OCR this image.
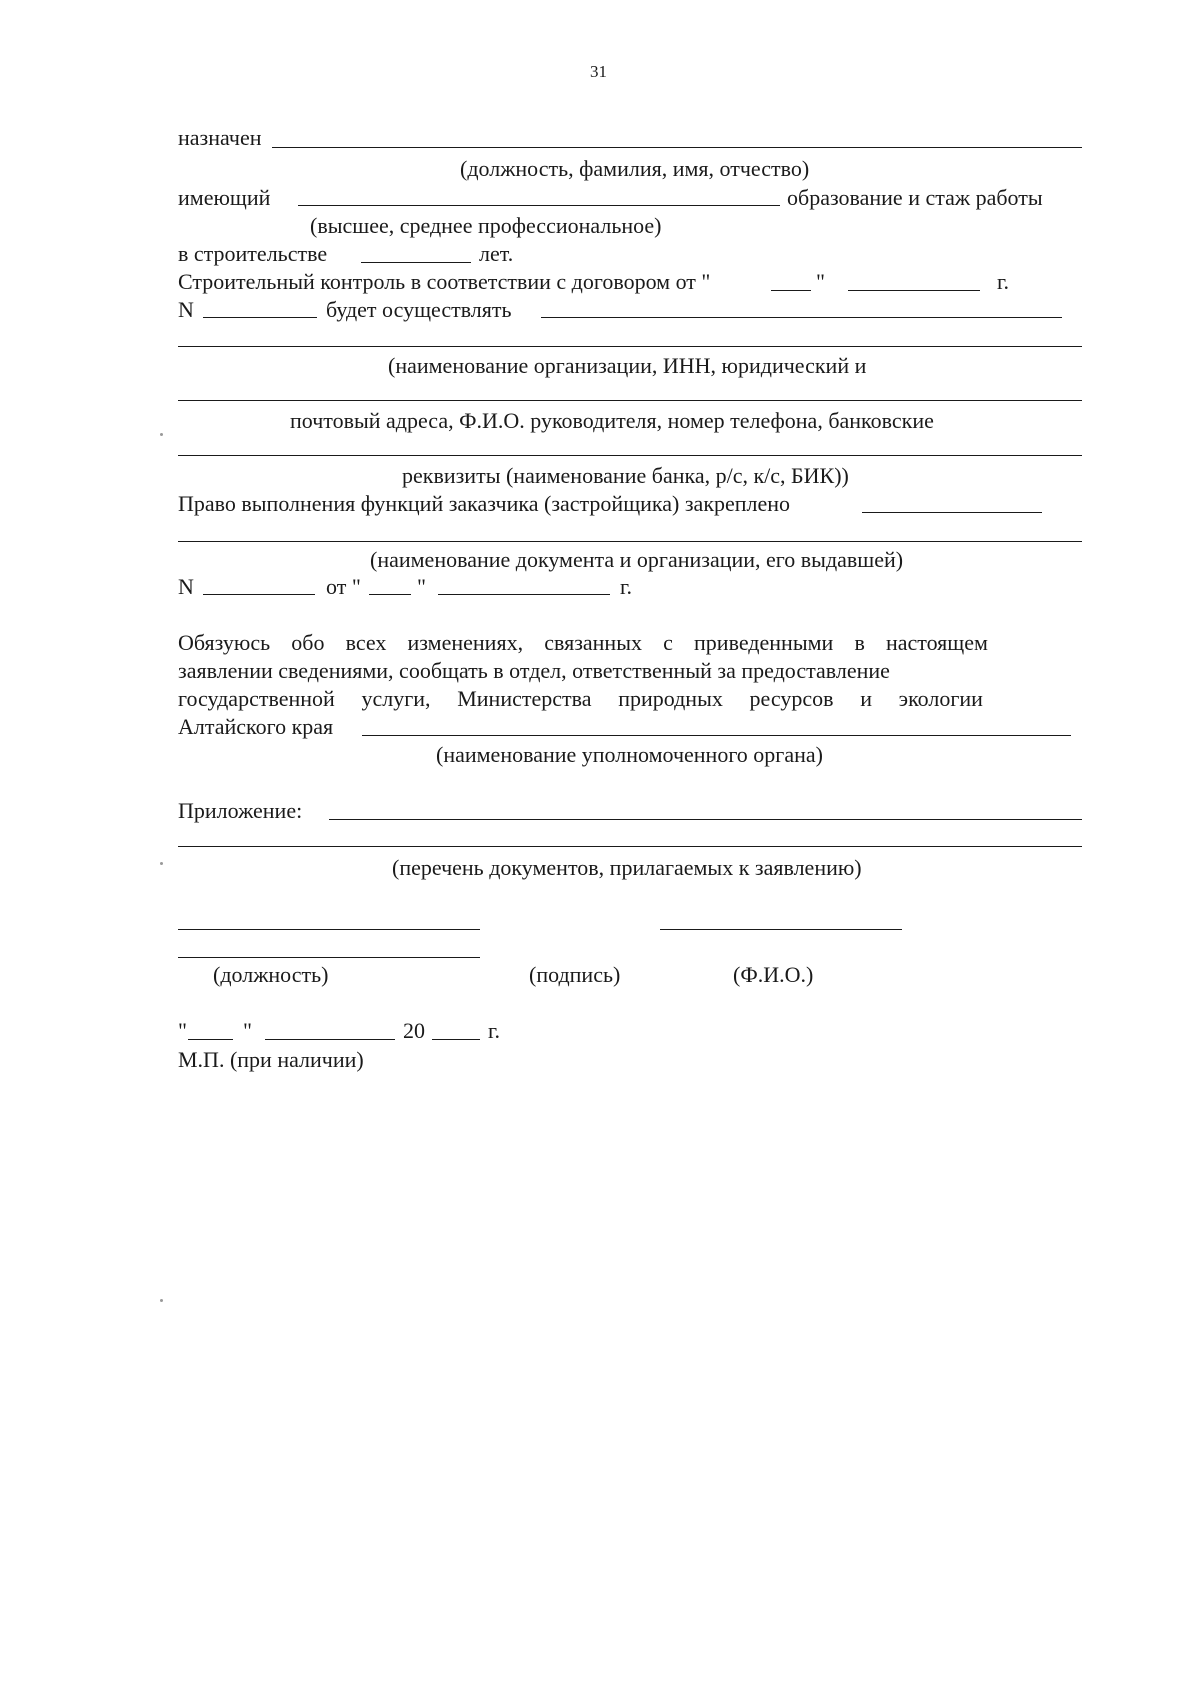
31
назначен
(должность, фамилия, имя, отчество)
имеющий	образование и стаж работы
(высшее, среднее профессиональное)
в строительстве	лет.
Строительный контроль в соответствии с договором от "	"	г.
N	будет осуществлять
(наименование организации, ИНН, юридический и
почтовый адреса, Ф.И.О. руководителя, номер телефона, банковские
реквизиты (наименование банка, р/с, к/с, БИК))
Право выполнения функций заказчика (застройщика) закреплено
(наименование документа и организации, его выдавшей)
N	от "	"	г.
Обязуюсь обо всех изменениях, связанных с приведенными в настоящем
заявлении сведениями, сообщать в отдел, ответственный за предоставление
государственной услуги, Министерства природных ресурсов и экологии
Алтайского края
(наименование уполномоченного органа)
Приложение:
(перечень документов, прилагаемых к заявлению)
(должность)	(подпись)	(Ф.И.О.)
"	"	20	г.
М.П. (при наличии)
